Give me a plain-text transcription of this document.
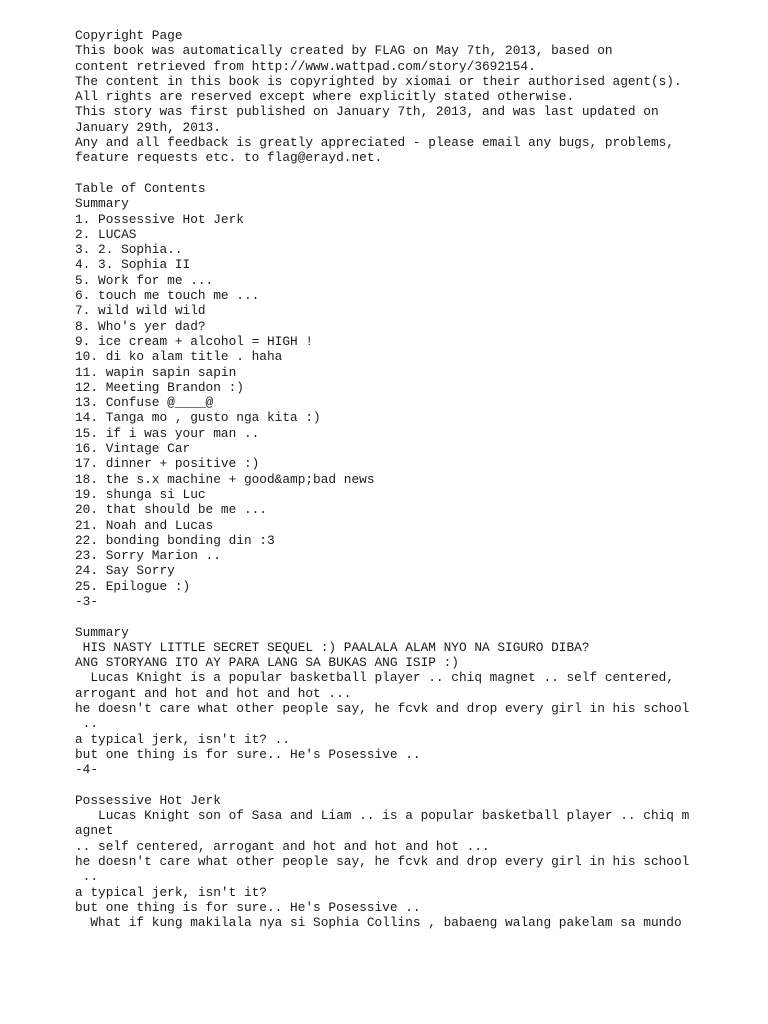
Copyright Page
This book was automatically created by FLAG on May 7th, 2013, based on
content retrieved from http://www.wattpad.com/story/3692154.
The content in this book is copyrighted by xiomai or their authorised agent(s).
All rights are reserved except where explicitly stated otherwise.
This story was first published on January 7th, 2013, and was last updated on
January 29th, 2013.
Any and all feedback is greatly appreciated - please email any bugs, problems,
feature requests etc. to flag@erayd.net.
Table of Contents
Summary
1. Possessive Hot Jerk
2. LUCAS
3. 2. Sophia..
4. 3. Sophia II
5. Work for me ...
6. touch me touch me ...
7. wild wild wild
8. Who's yer dad?
9. ice cream + alcohol = HIGH !
10. di ko alam title . haha
11. wapin sapin sapin
12. Meeting Brandon :)
13. Confuse @____@
14. Tanga mo , gusto nga kita :)
15. if i was your man ..
16. Vintage Car
17. dinner + positive :)
18. the s.x machine + good&amp;bad news
19. shunga si Luc
20. that should be me ...
21. Noah and Lucas
22. bonding bonding din :3
23. Sorry Marion ..
24. Say Sorry
25. Epilogue :)
-3-
Summary
HIS NASTY LITTLE SECRET SEQUEL :) PAALALA ALAM NYO NA SIGURO DIBA?
ANG STORYANG ITO AY PARA LANG SA BUKAS ANG ISIP :)
Lucas Knight is a popular basketball player .. chiq magnet .. self centered,
arrogant and hot and hot and hot ...
he doesn't care what other people say, he fcvk and drop every girl in his school
..
a typical jerk, isn't it? ..
but one thing is for sure.. He's Posessive ..
-4-
Possessive Hot Jerk
Lucas Knight son of Sasa and Liam .. is a popular basketball player .. chiq m
agnet
.. self centered, arrogant and hot and hot and hot ...
he doesn't care what other people say, he fcvk and drop every girl in his school
..
a typical jerk, isn't it?
but one thing is for sure.. He's Posessive ..
What if kung makilala nya si Sophia Collins , babaeng walang pakelam sa mundo
